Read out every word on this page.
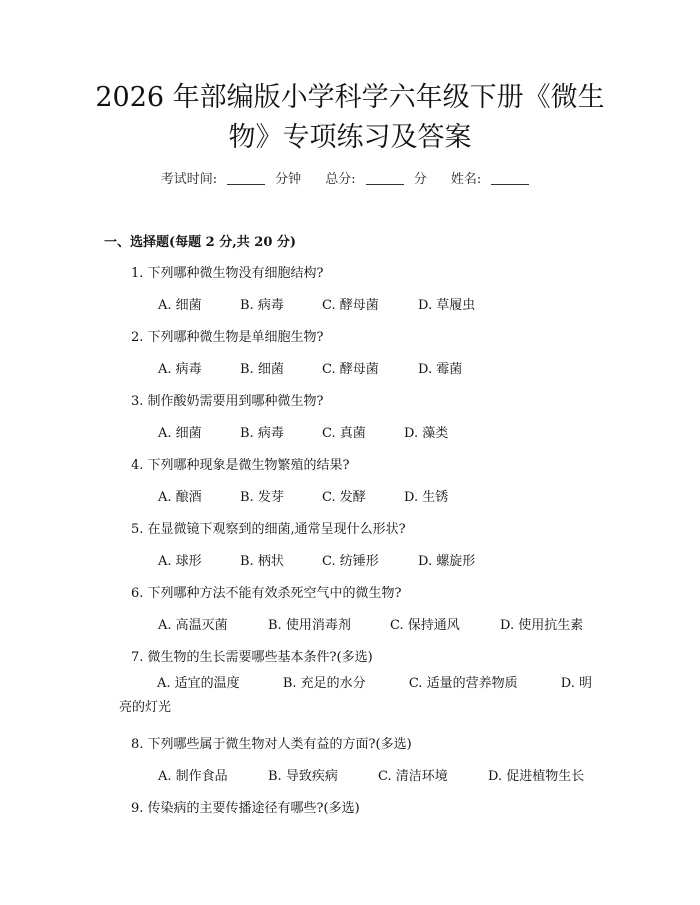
2026 年部编版小学科学六年级下册《微生
物》专项练习及答案
考试时间:	分钟 总分:	分 姓名:
一、选择题(每题 2 分,共 20 分)
1. 下列哪种微生物没有细胞结构?
A. 细菌	B. 病毒	C. 酵母菌	D. 草履虫
2. 下列哪种微生物是单细胞生物?
A. 病毒	B. 细菌	C. 酵母菌	D. 霉菌
3. 制作酸奶需要用到哪种微生物?
A. 细菌	B. 病毒	C. 真菌	D. 藻类
4. 下列哪种现象是微生物繁殖的结果?
A. 酿酒	B. 发芽	C. 发酵	D. 生锈
5. 在显微镜下观察到的细菌,通常呈现什么形状?
A. 球形	B. 柄状	C. 纺锤形	D. 螺旋形
6. 下列哪种方法不能有效杀死空气中的微生物?
A. 高温灭菌	B. 使用消毒剂	C. 保持通风	D. 使用抗生素
7. 微生物的生长需要哪些基本条件?(多选)
A. 适宜的温度	B. 充足的水分	C. 适量的营养物质	D. 明
亮的灯光
8. 下列哪些属于微生物对人类有益的方面?(多选)
A. 制作食品	B. 导致疾病	C. 清洁环境	D. 促进植物生长
9. 传染病的主要传播途径有哪些?(多选)
